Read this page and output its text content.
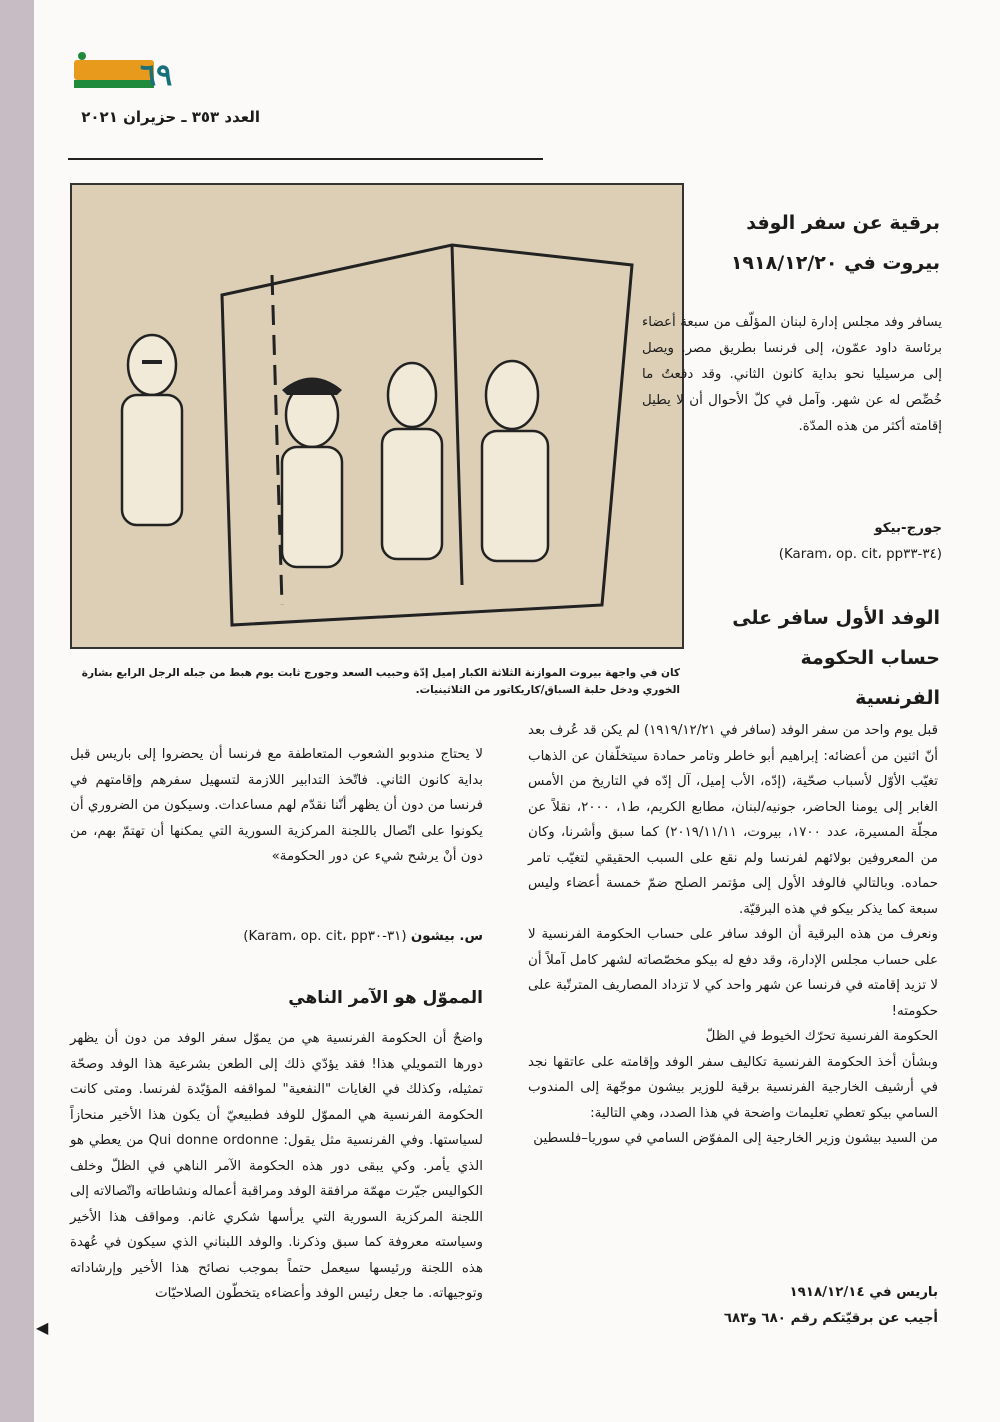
٦٩
العدد ٣٥٣ ـ حزيران ٢٠٢١
كان في واجهة بيروت الموازنة الثلاثة الكبار إميل إدّة وحبيب السعد وجورج ثابت يوم هبط من جبله الرجل الرابع بشارة الخوري ودخل حلبة السباق/كاريكاتور من الثلاثينيات.
برقية عن سفر الوفد
بيروت في ١٩١٨/١٢/٢٠

يسافر وفد مجلس إدارة لبنان المؤلّف من سبعة أعضاء برئاسة داود عمّون، إلى فرنسا بطريق مصر. ويصل إلى مرسيليا نحو بداية كانون الثاني. وقد دفعتُ ما خُصِّص له عن شهر. وآمل في كلّ الأحوال أن لا يطيل إقامته أكثر من هذه المدّة.

جورج-بيكو
(٣٤-Karam، op. cit، pp٣٣)
الوفد الأول سافر على
حساب الحكومة
الفرنسية

قبل يوم واحد من سفر الوفد (سافر في ١٩١٩/١٢/٢١) لم يكن قد عُرف بعد أنّ اثنين من أعضائه: إبراهيم أبو خاطر وتامر حمادة سيتخلّفان عن الذهاب تغيّب الأوّل لأسباب صحّية، (إدّه، الأب إميل، آل إدّه في التاريخ من الأمس الغابر إلى يومنا الحاضر، جونيه/لبنان، مطابع الكريم، ط١، ٢٠٠٠، نقلاً عن مجلّة المسيرة، عدد ١٧٠٠، بيروت، ٢٠١٩/١١/١١) كما سبق وأشرنا، وكان من المعروفين بولائهم لفرنسا ولم نقع على السبب الحقيقي لتغيّب تامر حماده. وبالتالي فالوفد الأول إلى مؤتمر الصلح ضمّ خمسة أعضاء وليس سبعة كما يذكر بيكو في هذه البرقيّة.

ونعرف من هذه البرقية أن الوفد سافر على حساب الحكومة الفرنسية لا على حساب مجلس الإدارة، وقد دفع له بيكو مخصّصاته لشهر كامل آملاً أن لا تزيد إقامته في فرنسا عن شهر واحد كي لا تزداد المصاريف المترتّبة على حكومته!

الحكومة الفرنسية تحرّك الخيوط في الظلّ

وبشأن أخذ الحكومة الفرنسية تكاليف سفر الوفد وإقامته على عاتقها نجد في أرشيف الخارجية الفرنسية برقية للوزير بيشون موجّهة إلى المندوب السامي بيكو تعطي تعليمات واضحة في هذا الصدد، وهي التالية:

من السيد بيشون وزير الخارجية إلى المفوّض السامي في سوريا–فلسطين

باريس في ١٩١٨/١٢/١٤
أجيب عن برقيّتكم رقم ٦٨٠ و٦٨٣

لا يحتاج مندوبو الشعوب المتعاطفة مع فرنسا أن يحضروا إلى باريس قبل بداية كانون الثاني. فاتّخذ التدابير اللازمة لتسهيل سفرهم وإقامتهم في فرنسا من دون أن يظهر أنّنا نقدّم لهم مساعدات. وسيكون من الضروري أن يكونوا على اتّصال باللجنة المركزية السورية التي يمكنها أن تهتمّ بهم، من دون أنْ يرشح شيء عن دور الحكومة»

س. بيشون (٣١-Karam، op. cit، pp٣٠)
المموّل هو الآمر الناهي

واضحٌ أن الحكومة الفرنسية هي من يموّل سفر الوفد من دون أن يظهر دورها التمويلي هذا! فقد يؤدّي ذلك إلى الطعن بشرعية هذا الوفد وصحّة تمثيله، وكذلك في الغايات "النفعية" لمواقفه المؤيّدة لفرنسا. ومتى كانت الحكومة الفرنسية هي المموّل للوفد فطبيعيّ أن يكون هذا الأخير منحازاً لسياستها. وفي الفرنسية مثل يقول: Qui donne ordonne من يعطي هو الذي يأمر. وكي يبقى دور هذه الحكومة الآمر الناهي في الظلّ وخلف الكواليس جيّرت مهمّة مرافقة الوفد ومراقبة أعماله ونشاطاته واتّصالاته إلى اللجنة المركزية السورية التي يرأسها شكري غانم. ومواقف هذا الأخير وسياسته معروفة كما سبق وذكرنا. والوفد اللبناني الذي سيكون في عُهدة هذه اللجنة ورئيسها سيعمل حتماً بموجب نصائح هذا الأخير وإرشاداته وتوجيهاته. ما جعل رئيس الوفد وأعضاءه يتخطّون الصلاحيّات

◀
